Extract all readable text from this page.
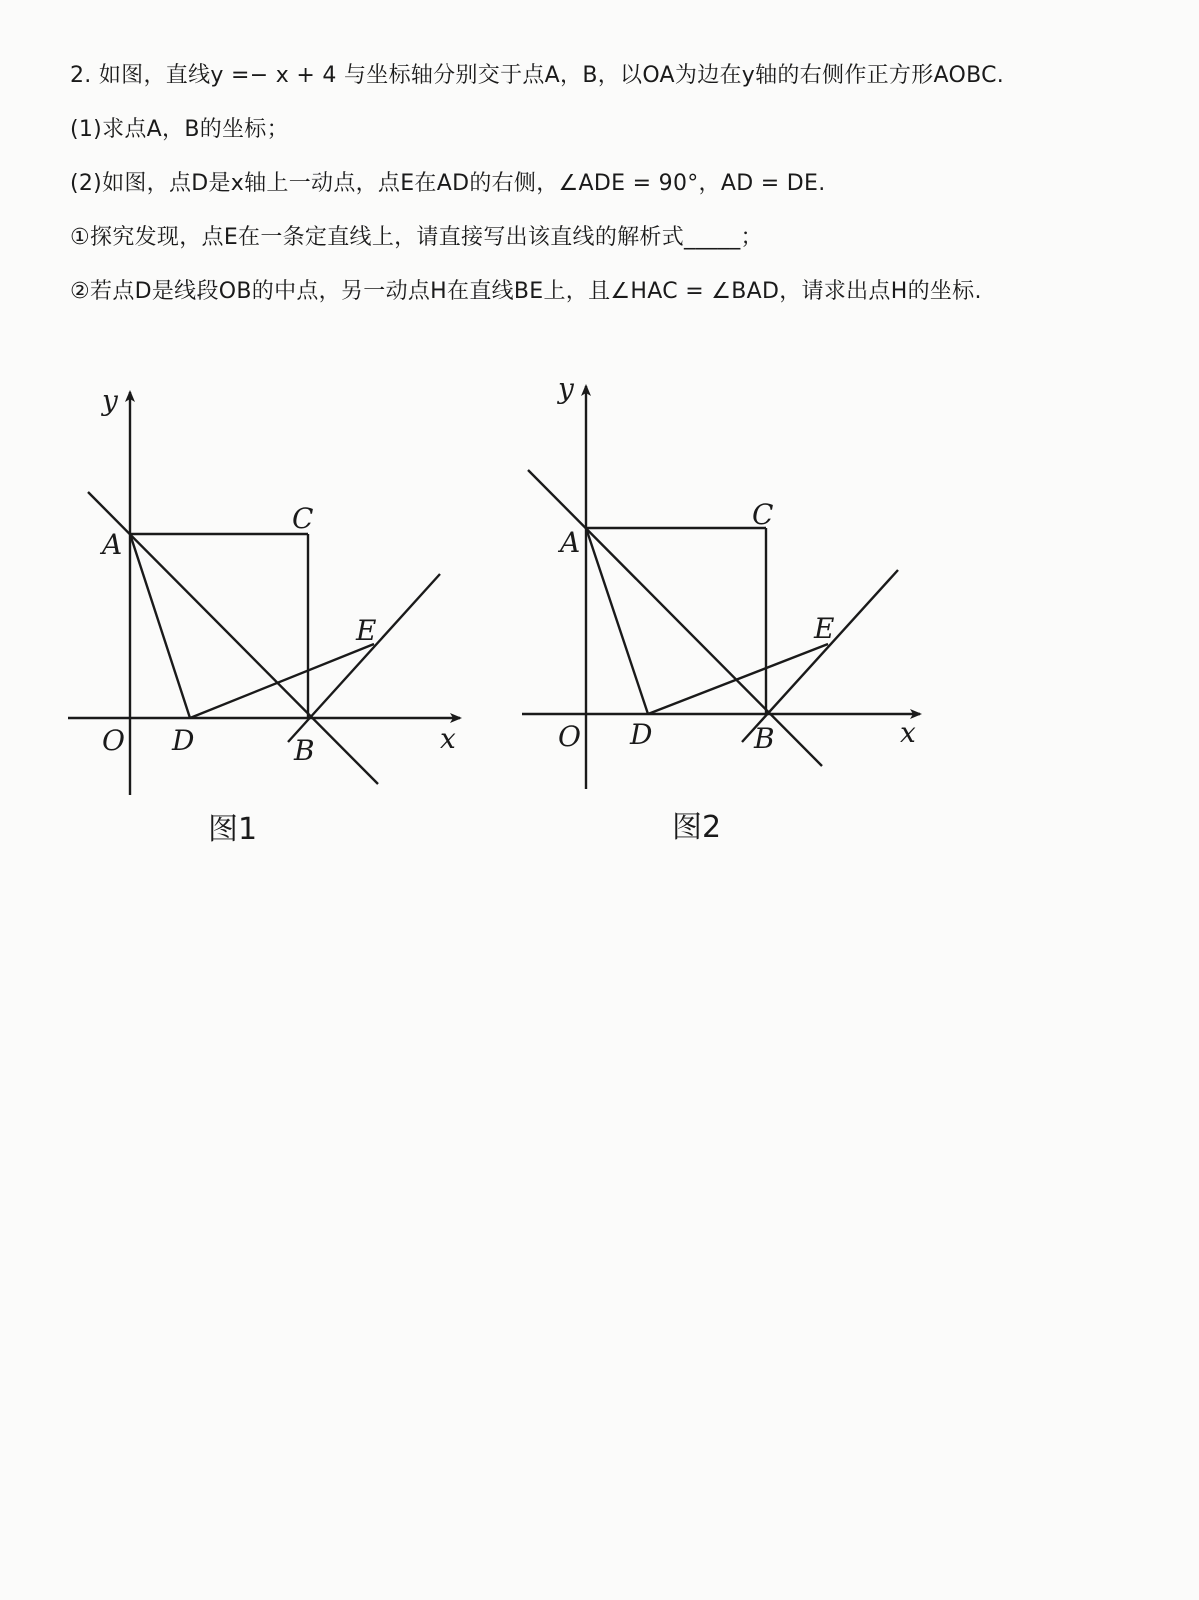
2. 如图，直线y =− x + 4 与坐标轴分别交于点A，B，以OA为边在y轴的右侧作正方形AOBC.
(1)求点A，B的坐标；
(2)如图，点D是x轴上一动点，点E在AD的右侧，∠ADE = 90°，AD = DE.
①探究发现，点E在一条定直线上，请直接写出该直线的解析式_____；
②若点D是线段OB的中点，另一动点H在直线BE上，且∠HAC = ∠BAD，请求出点H的坐标.
y
A
C
E
O D	B	x
图1
y
A
C
E
O D	B	x
图2
